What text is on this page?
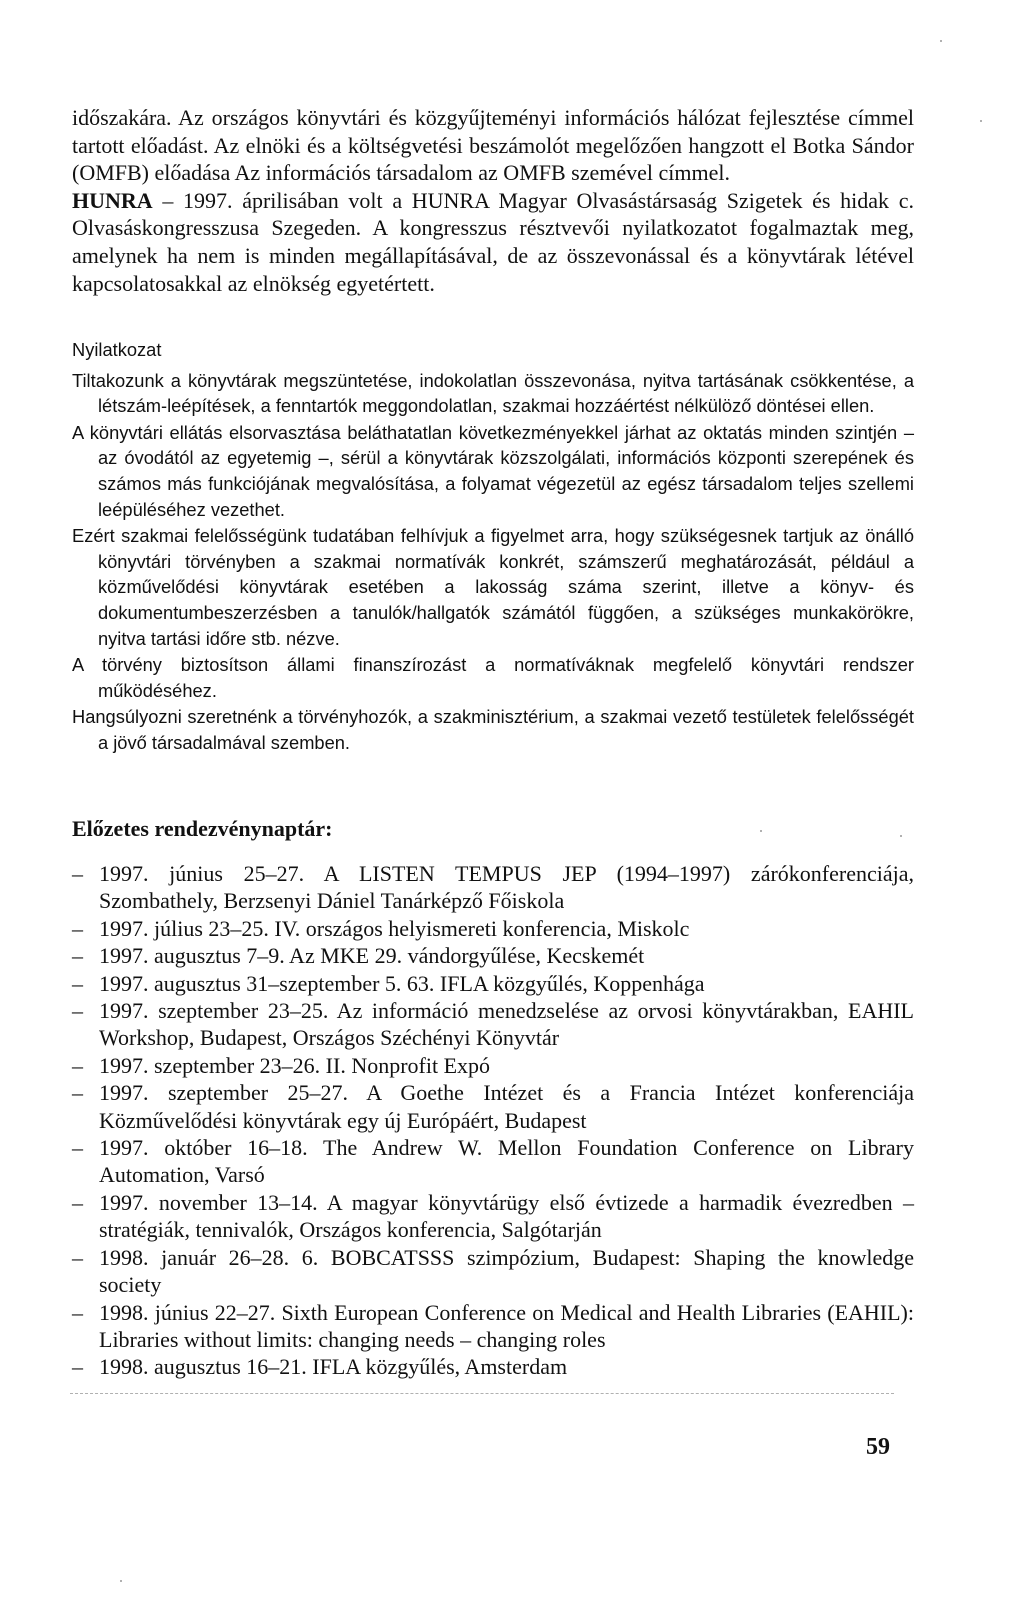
időszakára. Az országos könyvtári és közgyűjteményi információs hálózat fejlesztése címmel tartott előadást. Az elnöki és a költségvetési beszámolót megelőzően hangzott el Botka Sándor (OMFB) előadása Az információs társadalom az OMFB szemével címmel.

HUNRA – 1997. áprilisában volt a HUNRA Magyar Olvasástársaság Szigetek és hidak c. Olvasáskongresszusa Szegeden. A kongresszus résztvevői nyilatkozatot fogalmaztak meg, amelynek ha nem is minden megállapításával, de az összevonással és a könyvtárak létével kapcsolatosakkal az elnökség egyetértett.

Nyilatkozat

Tiltakozunk a könyvtárak megszüntetése, indokolatlan összevonása, nyitva tartásának csökkentése, a létszám-leépítések, a fenntartók meggondolatlan, szakmai hozzáértést nélkülöző döntései ellen.

A könyvtári ellátás elsorvasztása beláthatatlan következményekkel járhat az oktatás minden szintjén – az óvodától az egyetemig –, sérül a könyvtárak közszolgálati, információs központi szerepének és számos más funkciójának megvalósítása, a folyamat végezetül az egész társadalom teljes szellemi leépüléséhez vezethet.

Ezért szakmai felelősségünk tudatában felhívjuk a figyelmet arra, hogy szükségesnek tartjuk az önálló könyvtári törvényben a szakmai normatívák konkrét, számszerű meghatározását, például a közművelődési könyvtárak esetében a lakosság száma szerint, illetve a könyv- és dokumentumbeszerzésben a tanulók/hallgatók számától függően, a szükséges munkakörökre, nyitva tartási időre stb. nézve.

A törvény biztosítson állami finanszírozást a normatíváknak megfelelő könyvtári rendszer működéséhez.

Hangsúlyozni szeretnénk a törvényhozók, a szakminisztérium, a szakmai vezető testületek felelősségét a jövő társadalmával szemben.

Előzetes rendezvénynaptár:
– 1997. június 25–27. A LISTEN TEMPUS JEP (1994–1997) zárókonferenciája, Szombathely, Berzsenyi Dániel Tanárképző Főiskola
– 1997. július 23–25. IV. országos helyismereti konferencia, Miskolc
– 1997. augusztus 7–9. Az MKE 29. vándorgyűlése, Kecskemét
– 1997. augusztus 31–szeptember 5. 63. IFLA közgyűlés, Koppenhága
– 1997. szeptember 23–25. Az információ menedzselése az orvosi könyvtárakban, EAHIL Workshop, Budapest, Országos Széchényi Könyvtár
– 1997. szeptember 23–26. II. Nonprofit Expó
– 1997. szeptember 25–27. A Goethe Intézet és a Francia Intézet konferenciája Közművelődési könyvtárak egy új Európáért, Budapest
– 1997. október 16–18. The Andrew W. Mellon Foundation Conference on Library Automation, Varsó
– 1997. november 13–14. A magyar könyvtárügy első évtizede a harmadik évezredben – stratégiák, tennivalók, Országos konferencia, Salgótarján
– 1998. január 26–28. 6. BOBCATSSS szimpózium, Budapest: Shaping the knowledge society
– 1998. június 22–27. Sixth European Conference on Medical and Health Libraries (EAHIL): Libraries without limits: changing needs – changing roles
– 1998. augusztus 16–21. IFLA közgyűlés, Amsterdam
59
